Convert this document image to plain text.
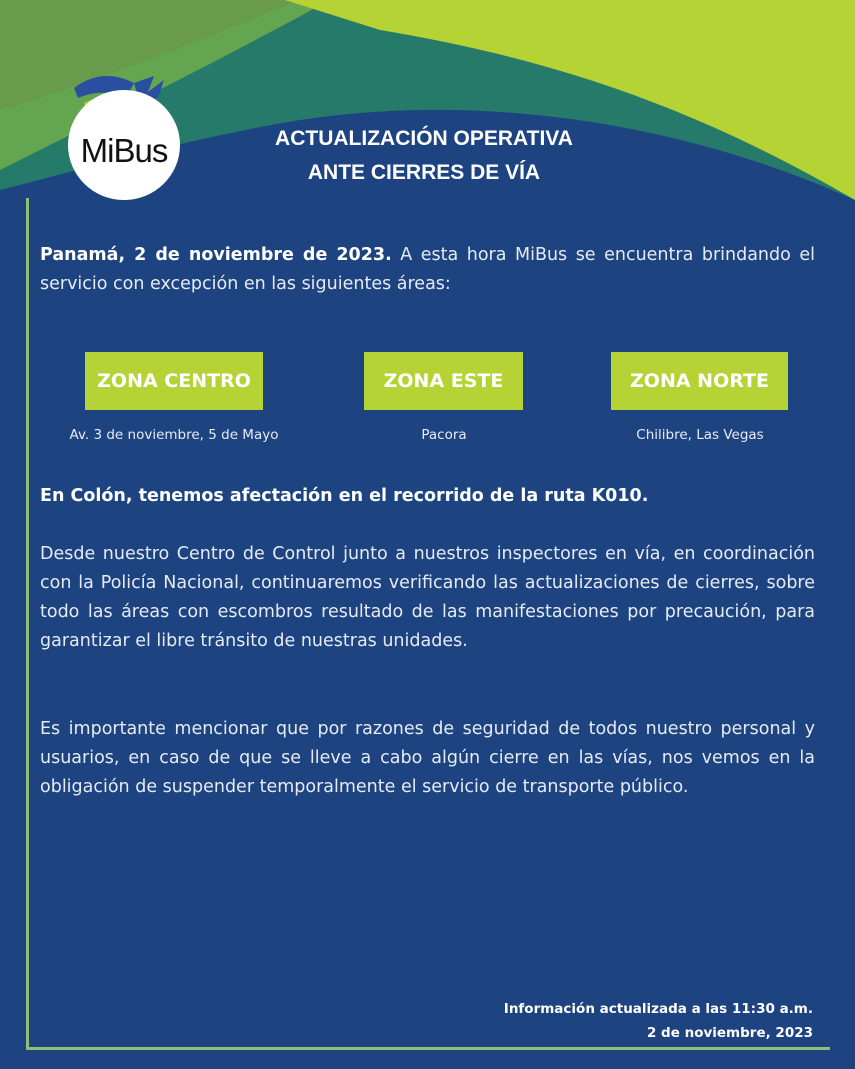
MiBus	ACTUALIZACIÓN OPERATIVA
ANTE CIERRES DE VÍA
Panamá, 2 de noviembre de 2023. A esta hora MiBus se encuentra brindando el servicio con excepción en las siguientes áreas:
ZONA CENTRO	ZONA ESTE	ZONA NORTE
Av. 3 de noviembre, 5 de Mayo	Pacora	Chilibre, Las Vegas
En Colón, tenemos afectación en el recorrido de la ruta K010.
Desde nuestro Centro de Control junto a nuestros inspectores en vía, en coordinación con la Policía Nacional, continuaremos verificando las actualizaciones de cierres, sobre todo las áreas con escombros resultado de las manifestaciones por precaución, para garantizar el libre tránsito de nuestras unidades.
Es importante mencionar que por razones de seguridad de todos nuestro personal y usuarios, en caso de que se lleve a cabo algún cierre en las vías, nos vemos en la obligación de suspender temporalmente el servicio de transporte público.
Información actualizada a las 11:30 a.m.
2 de noviembre, 2023
